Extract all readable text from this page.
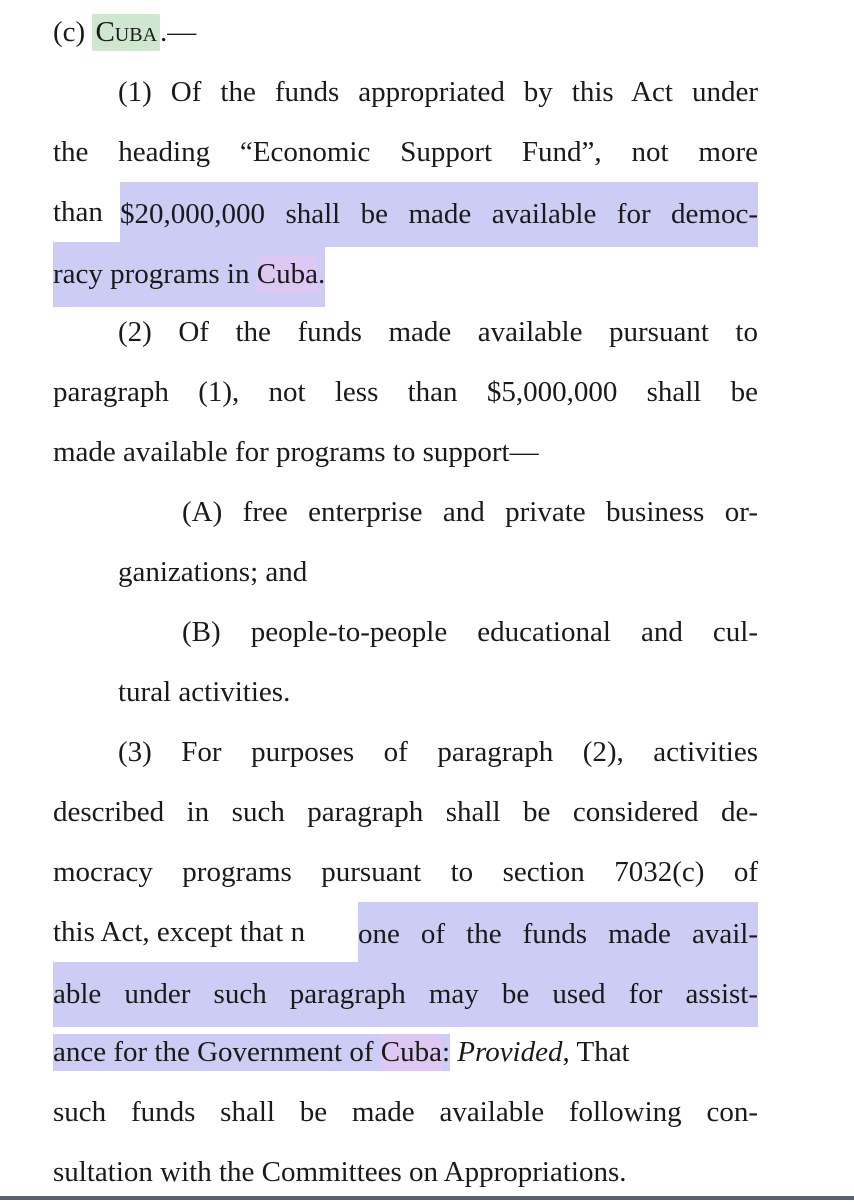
(c) Cuba .—
(1) Of the funds appropriated by this Act under
the heading “Economic Support Fund”, not more
than $20,000,000 shall be made available for democ-
racy programs in Cuba.
(2) Of the funds made available pursuant to
paragraph (1), not less than $5,000,000 shall be
made available for programs to support—
(A) free enterprise and private business or-
ganizations; and
(B) people-to-people educational and cul-
tural activities.
(3) For purposes of paragraph (2), activities
described in such paragraph shall be considered de-
mocracy programs pursuant to section 7032(c) of
this Act, except that n one of the funds made avail-
able under such paragraph may be used for assist-
ance for the Government of Cuba: Provided, That
such funds shall be made available following con-
sultation with the Committees on Appropriations.
